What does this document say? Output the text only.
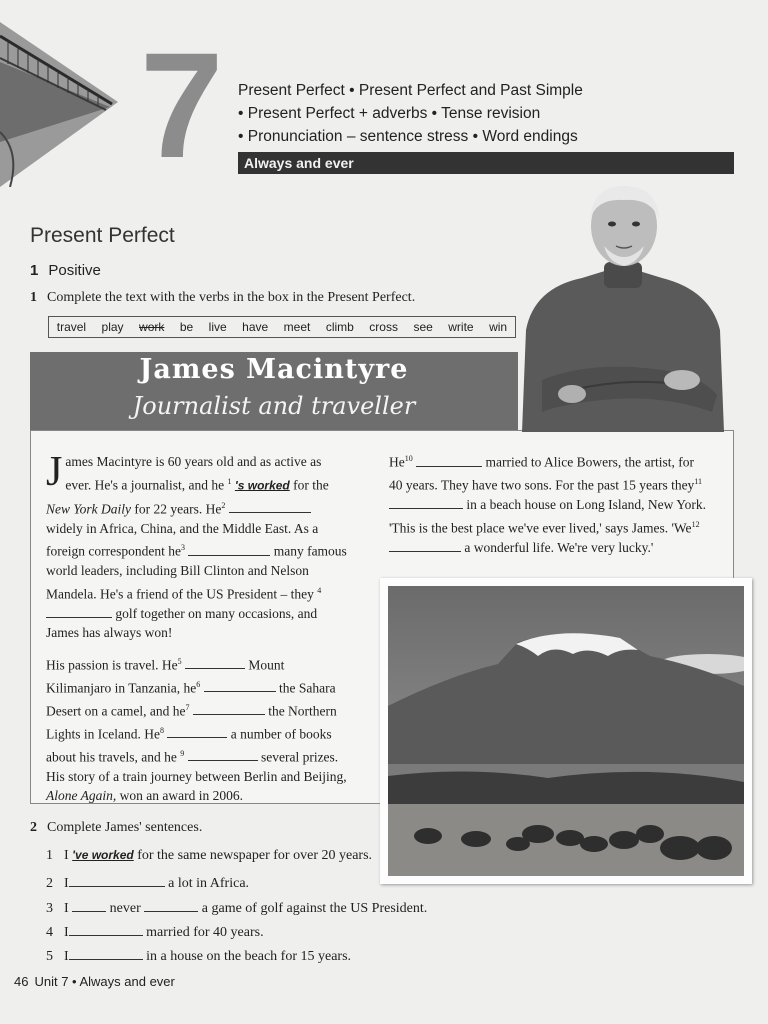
7 Present Perfect • Present Perfect and Past Simple
• Present Perfect + adverbs • Tense revision
• Pronunciation – sentence stress • Word endings
Always and ever
Present Perfect
1 Positive
1 Complete the text with the verbs in the box in the Present Perfect.
travel play work be live have meet climb cross see write win
James Macintyre
Journalist and traveller

James Macintyre is 60 years old and as active as ever. He's a journalist, and he $^1$ 's worked for the New York Daily for 22 years. He$^2$  widely in Africa, China, and the Middle East. As a foreign correspondent $he^3$	many famous world leaders, including Bill Clinton and Nelson Mandela. He's a friend of the US President – they $^4$  golf together on many occasions, and James has always won!

His passion is travel. He$^5$	Mount Kilimanjaro in Tanzania, $he^6$	the Sahara Desert on a camel, and $he^7$	the Northern Lights in Iceland. He$^8$	a number of books about his travels, and he $^9$	several prizes. His story of a train journey between Berlin and Beijing, Alone Again, won an award in 2006.

He$^{10}$	married to Alice Bowers, the artist, for 40 years. They have two sons. For the past 15 years they$^{11}$  in a beach house on Long Island, New York. 'This is the best place we've ever lived,' says James. 'We$^{12}$  a wonderful life. We're very lucky.'

2 Complete James' sentences.
1 I 've worked for the same newspaper for over 20 years.
2 I	a lot in Africa.
3 I	never	a game of golf against the US President.
4 I	married for 40 years.
5 I	in a house on the beach for 15 years.
46 Unit 7 • Always and ever
